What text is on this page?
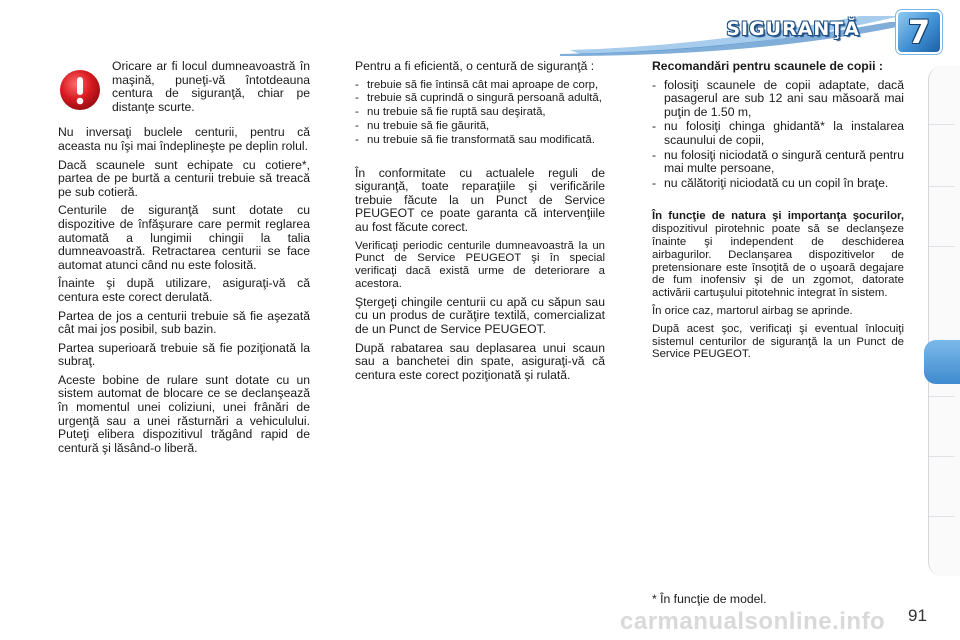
SIGURANŢĂ	7

Oricare ar fi locul dumneavoastră în maşină, puneţi-vă întotdeauna centura de siguranţă, chiar pe distanţe scurte.

Nu inversaţi buclele centurii, pentru că aceasta nu îşi mai îndeplineşte pe deplin rolul.

Dacă scaunele sunt echipate cu cotiere*, partea de pe burtă a centurii trebuie să treacă pe sub cotieră.

Centurile de siguranţă sunt dotate cu dispozitive de înfăşurare care permit reglarea automată a lungimii chingii la talia dumneavoastră. Retractarea centurii se face automat atunci când nu este folosită.

Înainte şi după utilizare, asiguraţi-vă că centura este corect derulată.

Partea de jos a centurii trebuie să fie aşezată cât mai jos posibil, sub bazin.

Partea superioară trebuie să fie poziţionată la subraţ.

Aceste bobine de rulare sunt dotate cu un sistem automat de blocare ce se declanşează în momentul unei coliziuni, unei frânări de urgenţă sau a unei răsturnări a vehiculului. Puteţi elibera dispozitivul trăgând rapid de centură şi lăsând-o liberă.

Pentru a fi eficientă, o centură de siguranţă :

- trebuie să fie întinsă cât mai aproape de corp,
- trebuie să cuprindă o singură persoană adultă,
- nu trebuie să fie ruptă sau deşirată,
- nu trebuie să fie găurită,
- nu trebuie să fie transformată sau modificată.

În conformitate cu actualele reguli de siguranţă, toate reparaţiile şi verificările trebuie făcute la un Punct de Service PEUGEOT ce poate garanta că intervenţiile au fost făcute corect.

Verificaţi periodic centurile dumneavoastră la un Punct de Service PEUGEOT şi în special verificaţi dacă există urme de deteriorare a acestora.

Ştergeţi chingile centurii cu apă cu săpun sau cu un produs de curăţire textilă, comercializat de un Punct de Service PEUGEOT.

După rabatarea sau deplasarea unui scaun sau a banchetei din spate, asiguraţi-vă că centura este corect poziţionată şi rulată.

Recomandări pentru scaunele de copii :

- folosiţi scaunele de copii adaptate, dacă pasagerul are sub 12 ani sau măsoară mai puţin de 1.50 m,
- nu folosiţi chinga ghidantă* la instalarea scaunului de copii,
- nu folosiţi niciodată o singură centură pentru mai multe persoane,
- nu călătoriţi niciodată cu un copil în braţe.

În funcţie de natura şi importanţa şocurilor, dispozitivul pirotehnic poate să se declanşeze înainte şi independent de deschiderea airbagurilor. Declanşarea dispozitivelor de pretensionare este însoţită de o uşoară degajare de fum inofensiv şi de un zgomot, datorate activării cartuşului pitotehnic integrat în sistem.

În orice caz, martorul airbag se aprinde.

După acest şoc, verificaţi şi eventual înlocuiţi sistemul centurilor de siguranţă la un Punct de Service PEUGEOT.

* În funcţie de model.
carmanualsonline.info 91
